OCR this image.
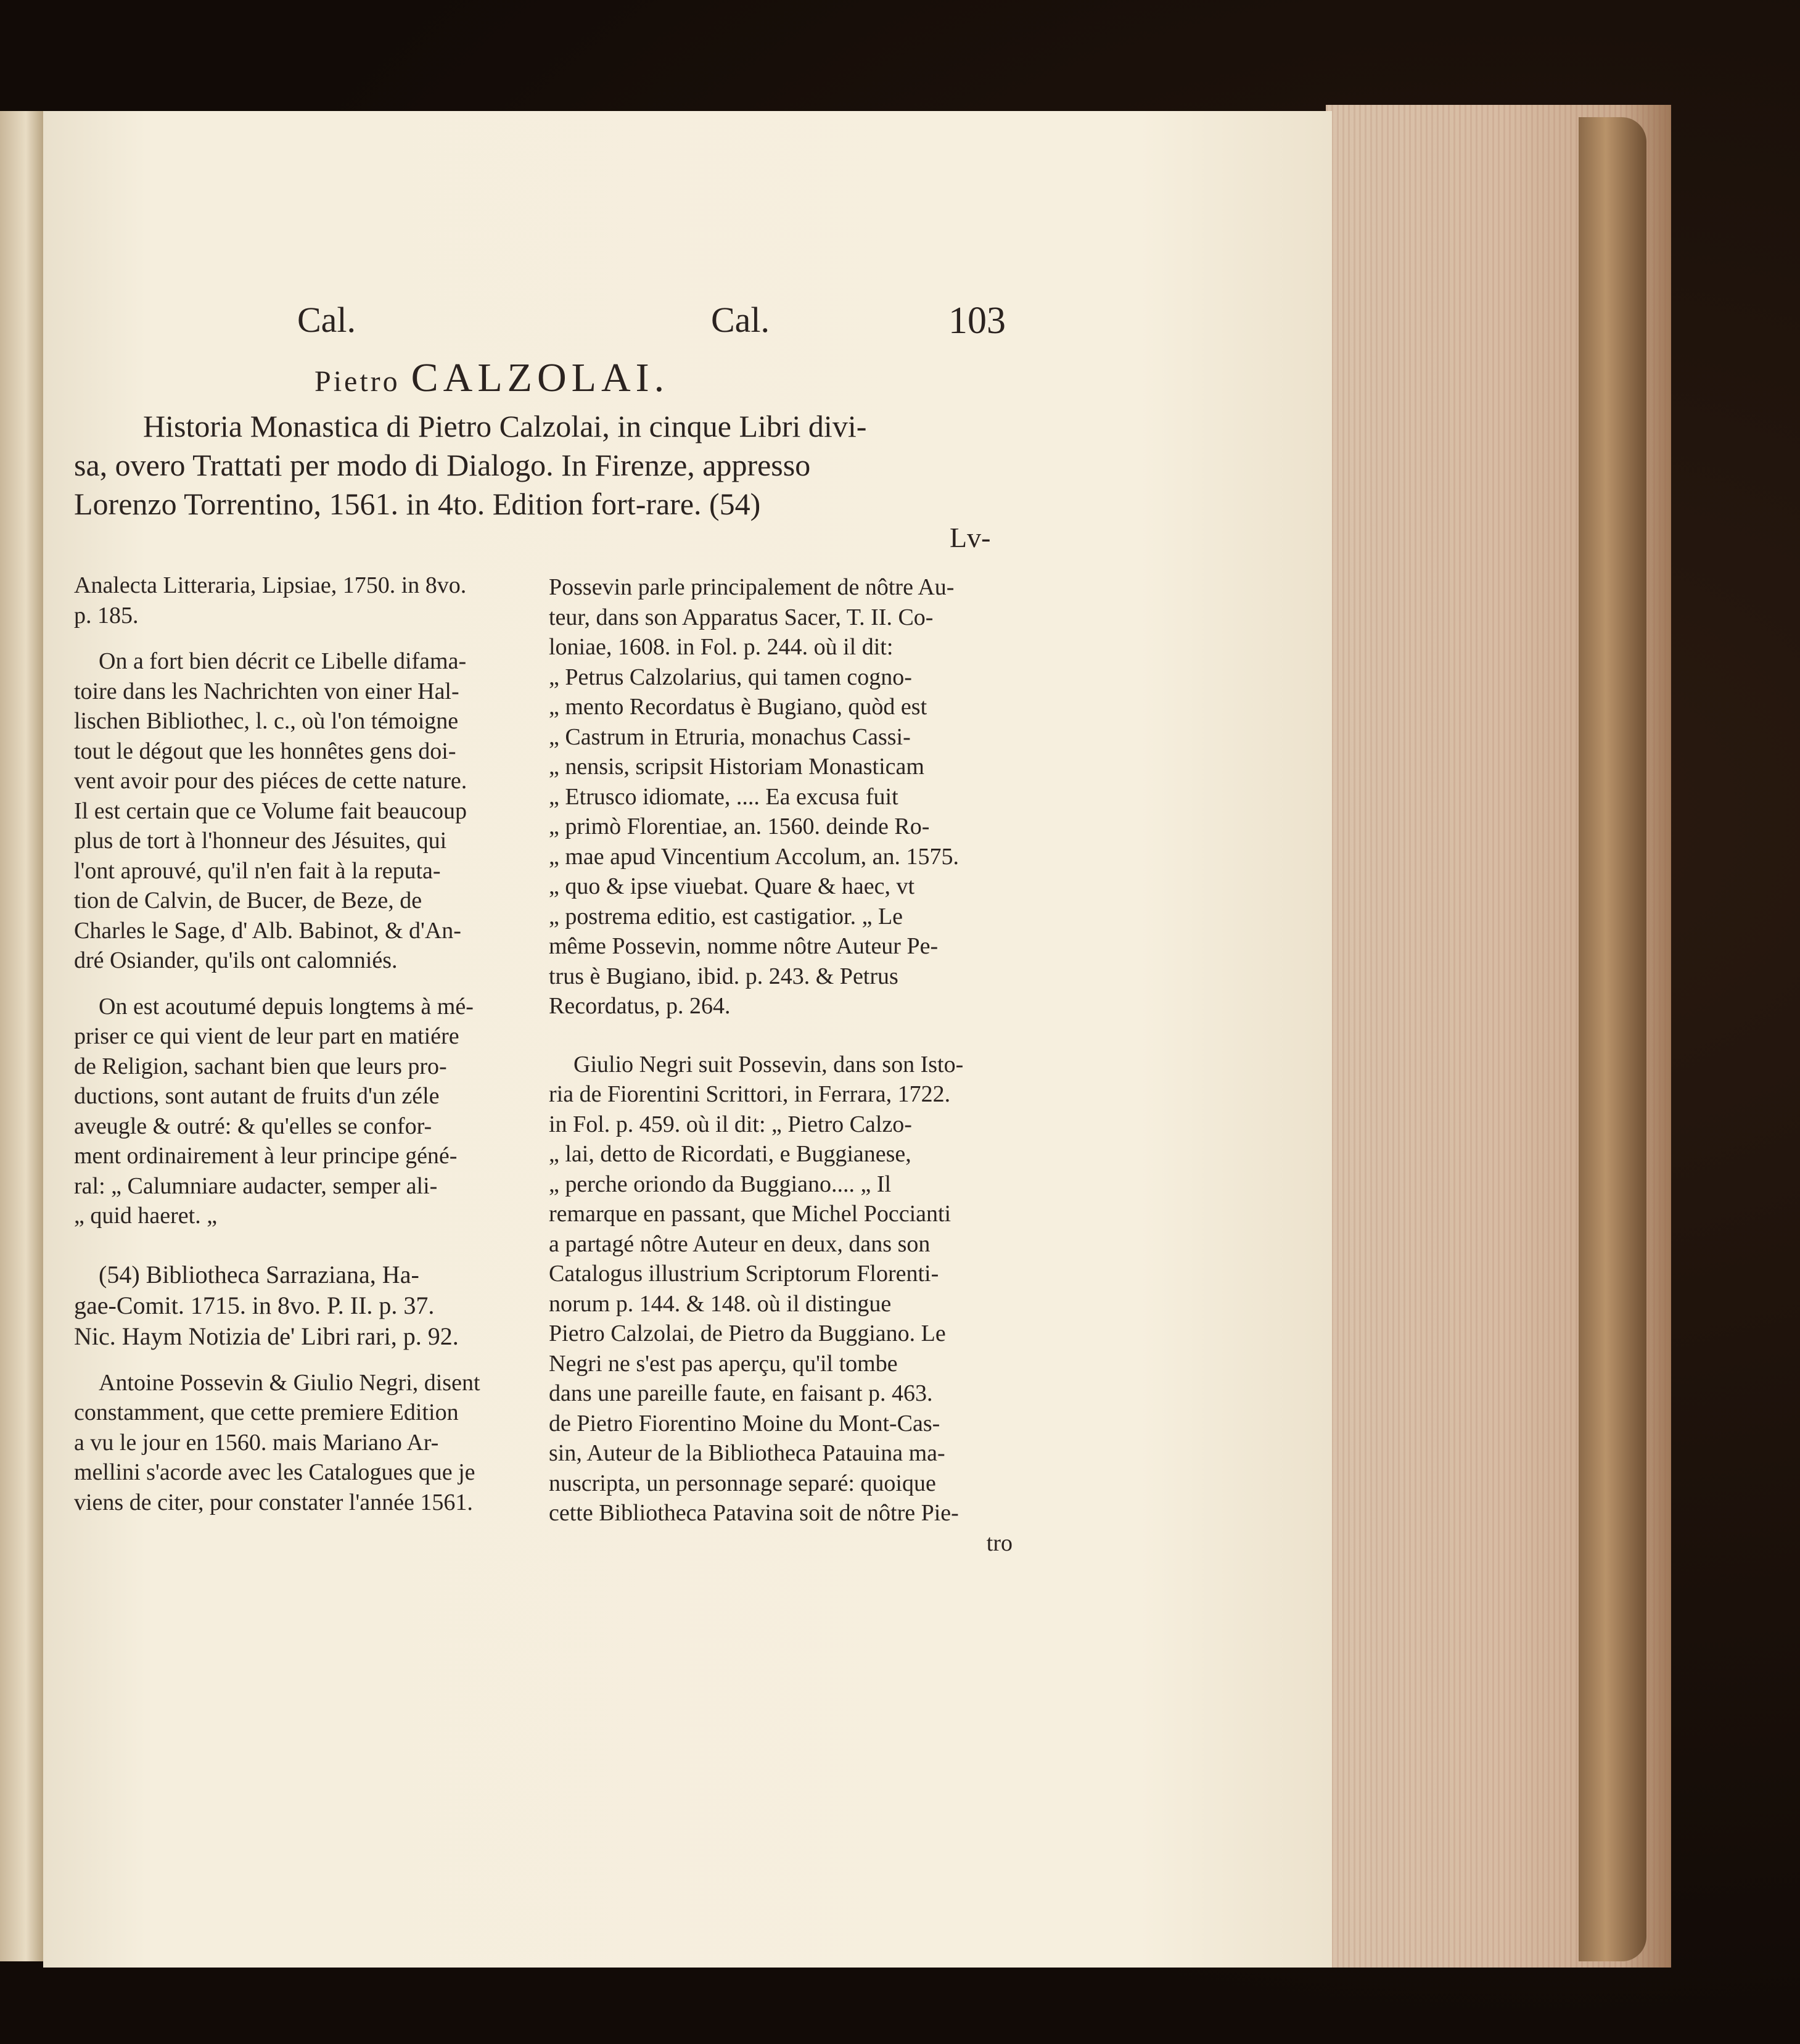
Cal.	Cal.	103
Pietro CALZOLAI.

Historia Monastica di Pietro Calzolai, in cinque Libri divi-
sa, overo Trattati per modo di Dialogo. In Firenze, appresso
Lorenzo Torrentino, 1561. in 4to. Edition fort-rare. (54)

Lv-
Analecta Litteraria, Lipsiae, 1750. in 8vo.
p. 185.
On a fort bien décrit ce Libelle difama-
toire dans les Nachrichten von einer Hal-
lischen Bibliothec, l. c., où l'on témoigne
tout le dégout que les honnêtes gens doi-
vent avoir pour des piéces de cette nature.
Il est certain que ce Volume fait beaucoup
plus de tort à l'honneur des Jésuites, qui
l'ont aprouvé, qu'il n'en fait à la reputa-
tion de Calvin, de Bucer, de Beze, de
Charles le Sage, d' Alb. Babinot, & d'An-
dré Osiander, qu'ils ont calomniés.
On est acoutumé depuis longtems à mé-
priser ce qui vient de leur part en matiére
de Religion, sachant bien que leurs pro-
ductions, sont autant de fruits d'un zéle
aveugle & outré: & qu'elles se confor-
ment ordinairement à leur principe géné-
ral: „ Calumniare audacter, semper ali-
„ quid haeret. „
(54) Bibliotheca Sarraziana, Ha-
gae-Comit. 1715. in 8vo. P. II. p. 37.
Nic. Haym Notizia de' Libri rari, p. 92.
Antoine Possevin & Giulio Negri, disent
constamment, que cette premiere Edition
a vu le jour en 1560. mais Mariano Ar-
mellini s'acorde avec les Catalogues que je
viens de citer, pour constater l'année 1561.
Possevin parle principalement de nôtre Au-
teur, dans son Apparatus Sacer, T. II. Co-
loniae, 1608. in Fol. p. 244. où il dit:
„ Petrus Calzolarius, qui tamen cogno-
„ mento Recordatus è Bugiano, quòd est
„ Castrum in Etruria, monachus Cassi-
„ nensis, scripsit Historiam Monasticam
„ Etrusco idiomate, .... Ea excusa fuit
„ primò Florentiae, an. 1560. deinde Ro-
„ mae apud Vincentium Accolum, an. 1575.
„ quo & ipse viuebat. Quare & haec, vt
„ postrema editio, est castigatior. „ Le
même Possevin, nomme nôtre Auteur Pe-
trus è Bugiano, ibid. p. 243. & Petrus
Recordatus, p. 264.
Giulio Negri suit Possevin, dans son Isto-
ria de Fiorentini Scrittori, in Ferrara, 1722.
in Fol. p. 459. où il dit: „ Pietro Calzo-
„ lai, detto de Ricordati, e Buggianese,
„ perche oriondo da Buggiano.... „ Il
remarque en passant, que Michel Poccianti
a partagé nôtre Auteur en deux, dans son
Catalogus illustrium Scriptorum Florenti-
norum p. 144. & 148. où il distingue
Pietro Calzolai, de Pietro da Buggiano. Le
Negri ne s'est pas aperçu, qu'il tombe
dans une pareille faute, en faisant p. 463.
de Pietro Fiorentino Moine du Mont-Cas-
sin, Auteur de la Bibliotheca Patauina ma-
nuscripta, un personnage separé: quoique
cette Bibliotheca Patavina soit de nôtre Pie-
tro
